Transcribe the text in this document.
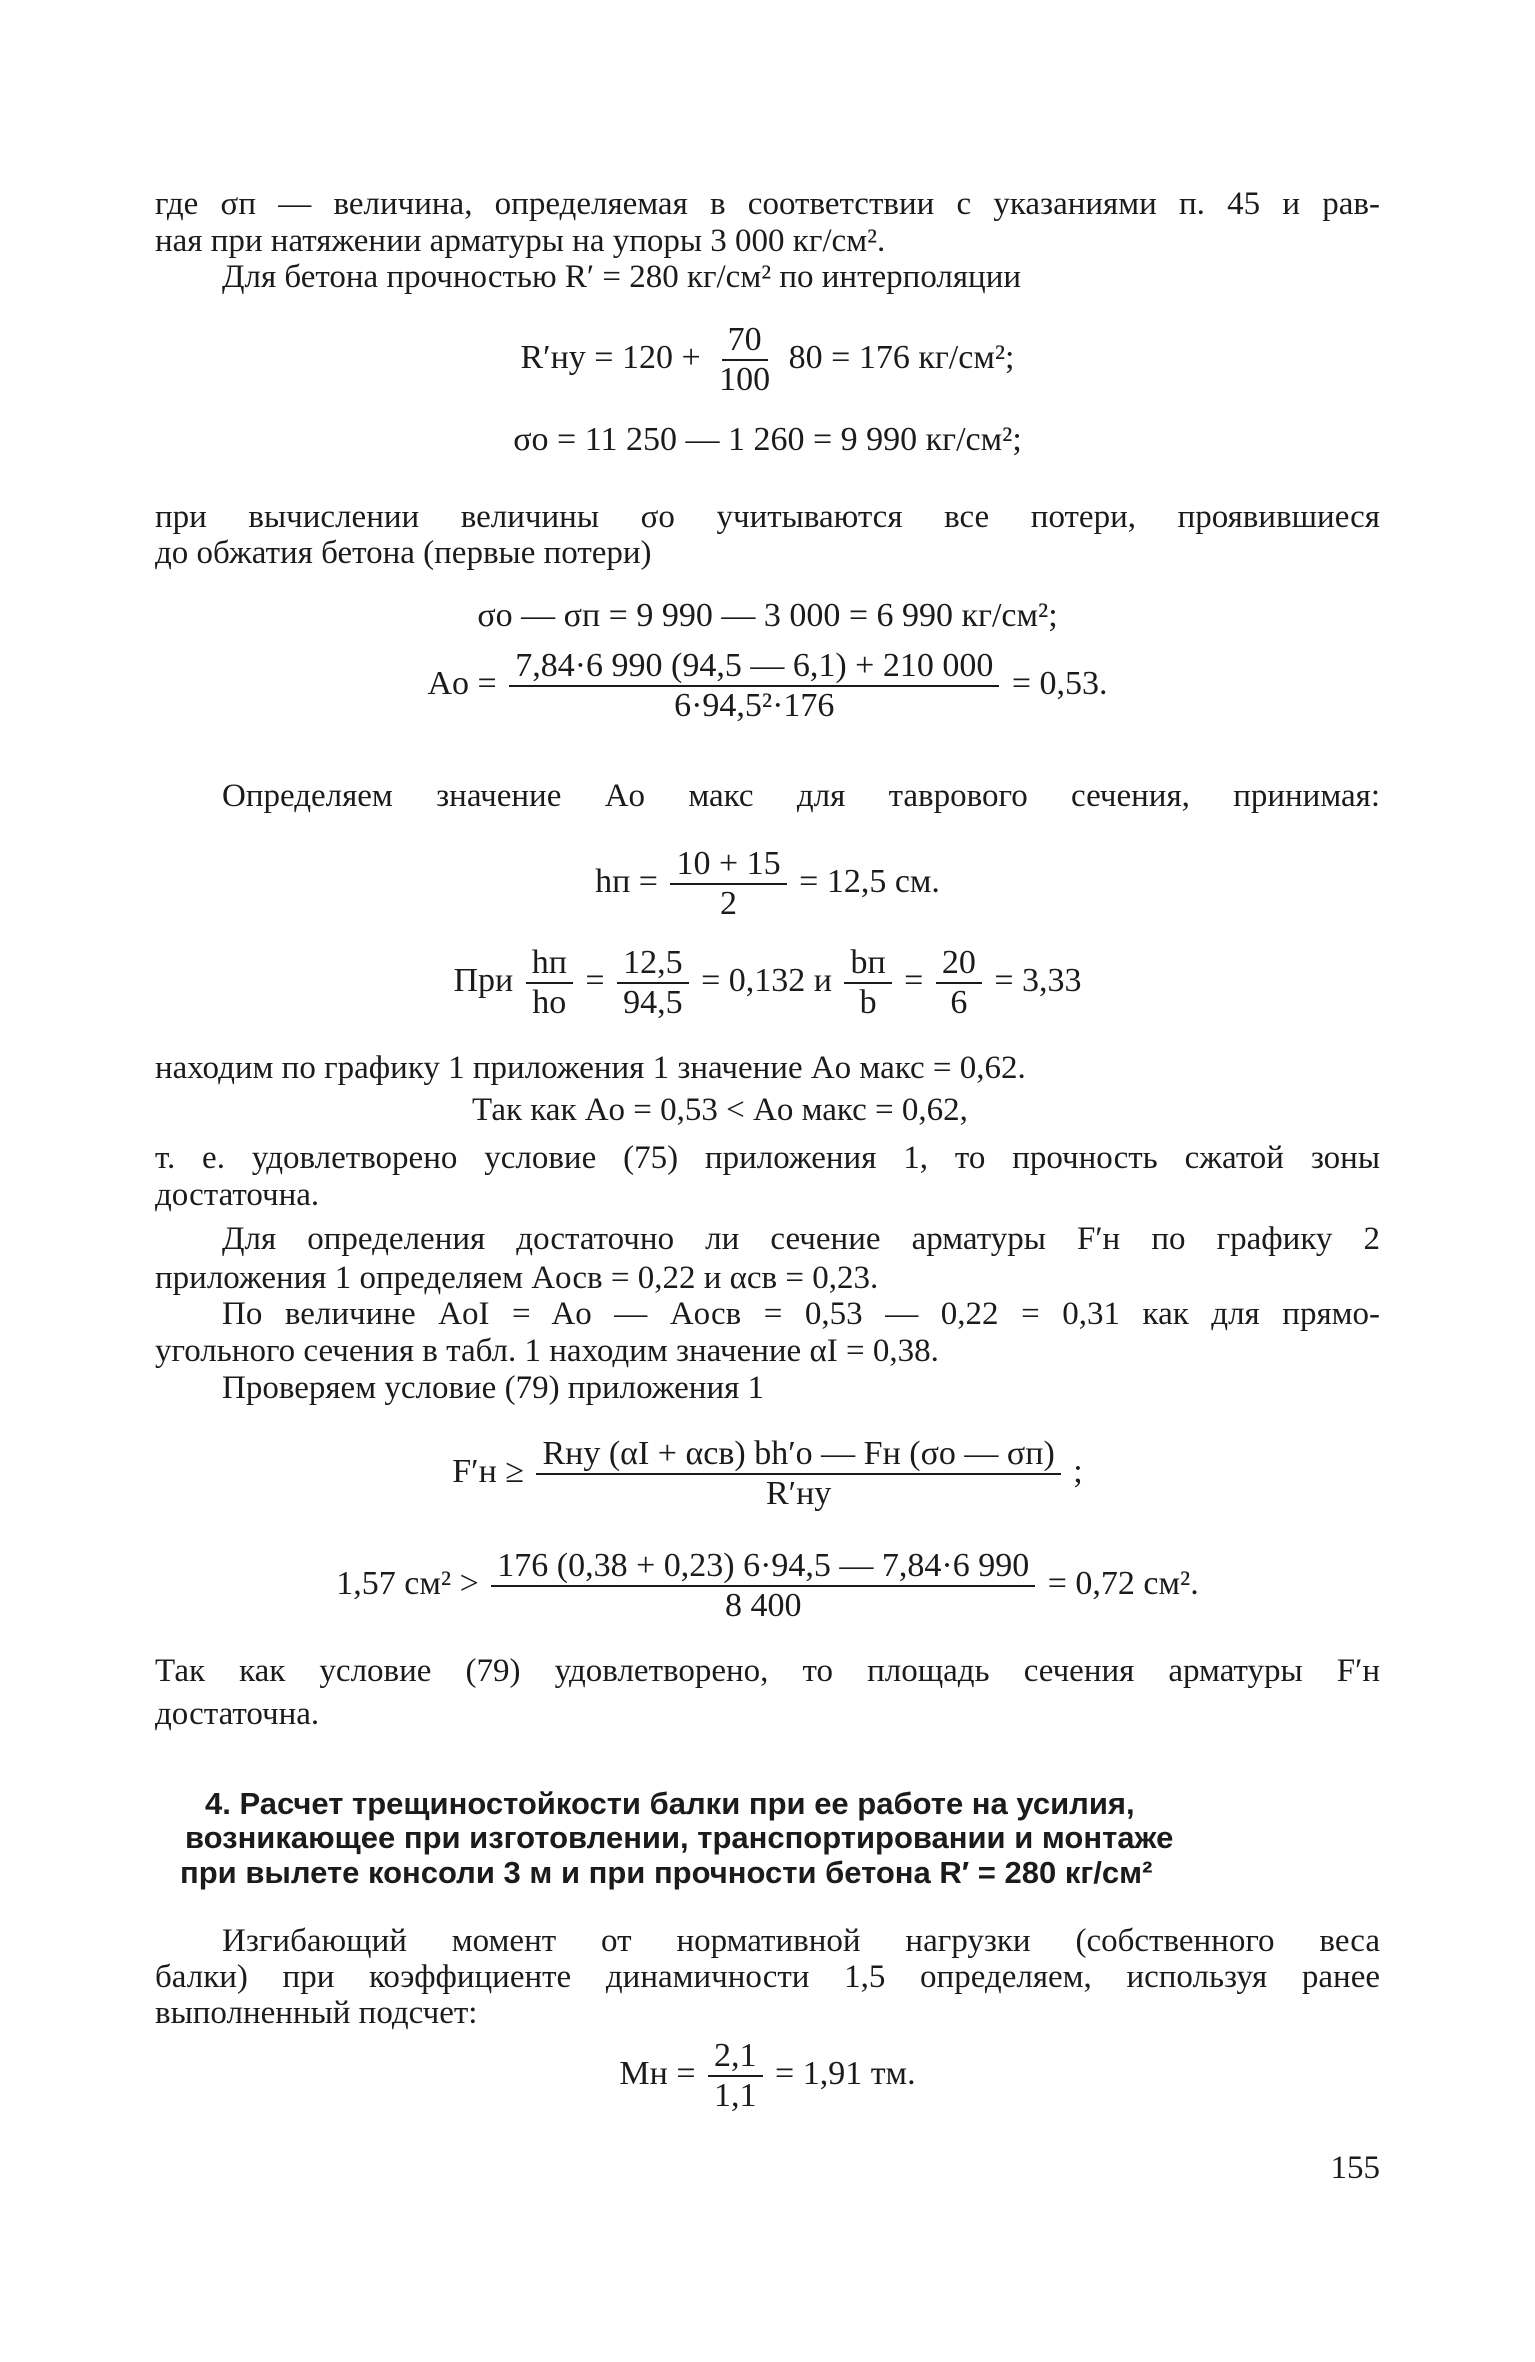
где σп — величина, определяемая в соответствии с указаниями п. 45 и рав-
ная при натяжении арматуры на упоры 3 000 кг/см².
Для бетона прочностью R′ = 280 кг/см² по интерполяции
$R'ну = 120 + \frac{70}{100} 80 = 176$ кг/см²;
σо = 11 250 — 1 260 = 9 990 кг/см²;
при вычислении величины σо учитываются все потери, проявившиеся
до обжатия бетона (первые потери)
σо — σп = 9 990 — 3 000 = 6 990 кг/см²;
Aо = $\frac{7,84\cdot 6 990 (94,5 — 6,1) + 210 000}{\text{6·94,5²·176}} = 0,53$.
Определяем значение Aо макс для таврового сечения, принимая:
hп = $\frac{10 + 15}{2} = 12,5$ см.
При $\frac{hп}{hо} = \frac{12,5}{94,5} = 0,132$ и $\frac{bп}{b} = \frac{20}{6} = 3,33$
находим по графику 1 приложения 1 значение Aо макс = 0,62.
Так как Aо = 0,53 < Aо макс = 0,62,
т. е. удовлетворено условие (75) приложения 1, то прочность сжатой зоны
достаточна.
Для определения достаточно ли сечение арматуры F′н по графику 2
приложения 1 определяем Aосв = 0,22 и αсв = 0,23.
По величине AоI = Aо — Aосв = 0,53 — 0,22 = 0,31 как для прямо-
угольного сечения в табл. 1 находим значение αI = 0,38.
Проверяем условие (79) приложения 1
$F'н \ge \frac{\text{Rну (αI + αсв) bh′о — Fн (σо — σп)}}{R'ну}$ ;
1,57 $см^2 > \frac{176 (0,38 + 0,23) 6\cdot 94,5 — 7,84\cdot 6 990}{8 400} = 0,72$ см².
Так как условие (79) удовлетворено, то площадь сечения арматуры F′н
достаточна.
4. Расчет трещиностойкости балки при ее работе на усилия,
возникающее при изготовлении, транспортировании и монтаже
при вылете консоли 3 м и при прочности бетона R′ = 280 кг/см²
Изгибающий момент от нормативной нагрузки (собственного веса
балки) при коэффициенте динамичности 1,5 определяем, используя ранее
выполненный подсчет:
Mн = $\frac{2,1}{1,1} = 1,91$ тм.
155
